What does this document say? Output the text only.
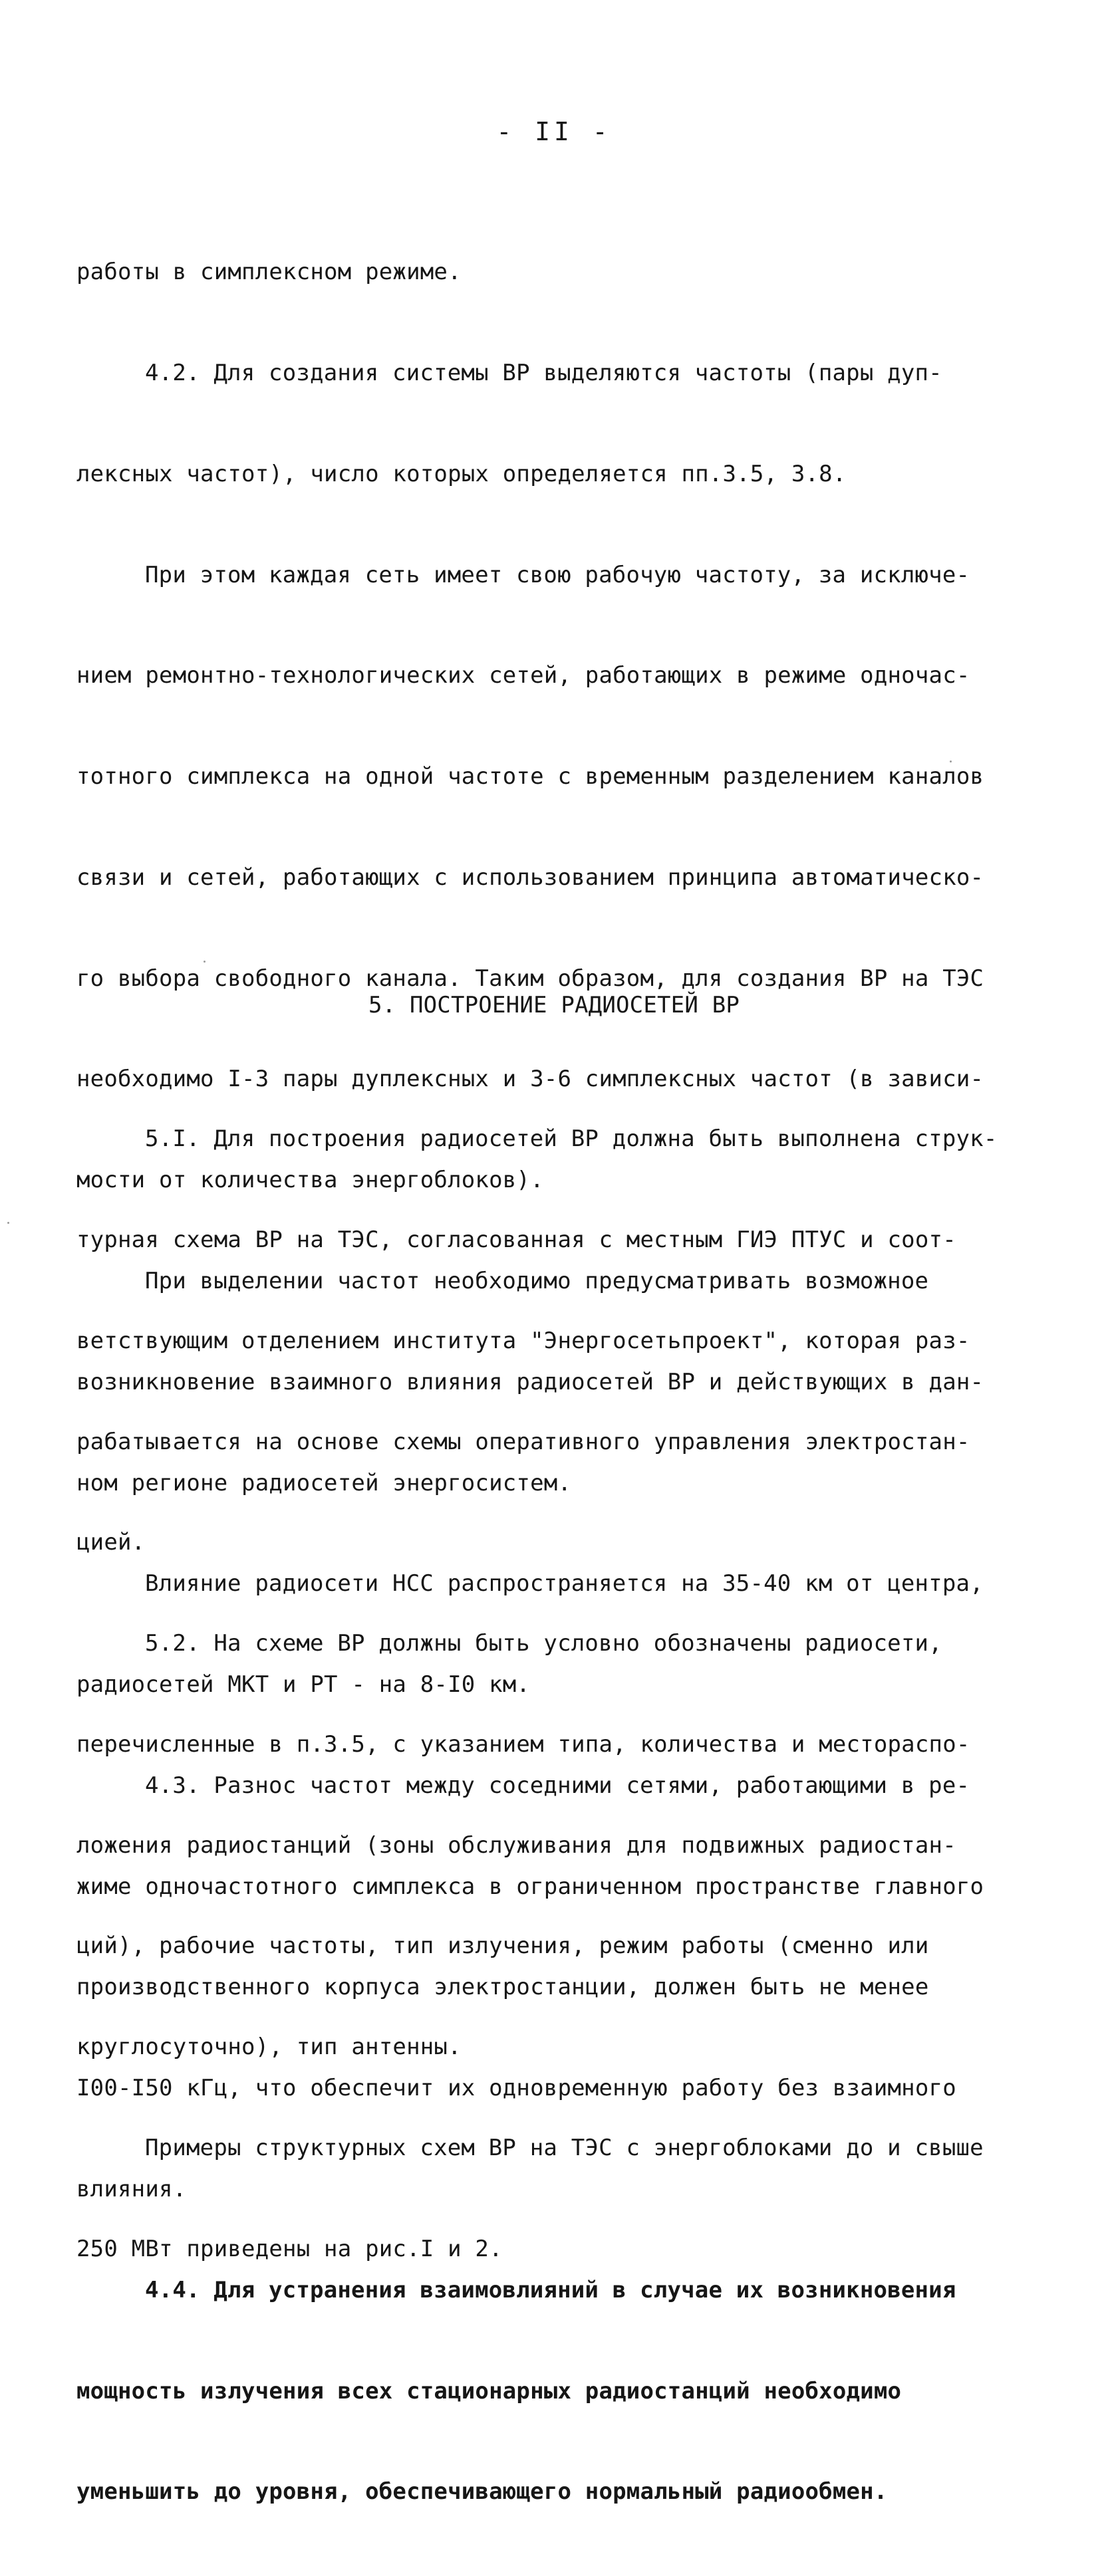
- II -

работы в симплексном режиме.

4.2. Для создания системы ВР выделяются частоты (пары дуп-

лексных частот), число которых определяется пп.3.5, 3.8.

При этом каждая сеть имеет свою рабочую частоту, за исключе-

нием ремонтно-технологических сетей, работающих в режиме одночас-

тотного симплекса на одной частоте с временным разделением каналов

связи и сетей, работающих с использованием принципа автоматическо-

го выбора свободного канала. Таким образом, для создания ВР на ТЭС

необходимо I-3 пары дуплексных и 3-6 симплексных частот (в зависи-

мости от количества энергоблоков).

При выделении частот необходимо предусматривать возможное

возникновение взаимного влияния радиосетей ВР и действующих в дан-

ном регионе радиосетей энергосистем.

Влияние радиосети НСС распространяется на 35-40 км от центра,

радиосетей МКТ и РТ - на 8-I0 км.

4.3. Разнос частот между соседними сетями, работающими в ре-

жиме одночастотного симплекса в ограниченном пространстве главного

производственного корпуса электростанции, должен быть не менее

I00-I50 кГц, что обеспечит их одновременную работу без взаимного

влияния.

4.4. Для устранения взаимовлияний в случае их возникновения

мощность излучения всех стационарных радиостанций необходимо

уменьшить до уровня, обеспечивающего нормальный радиообмен.

5. ПОСТРОЕНИЕ РАДИОСЕТЕЙ ВР

5.I. Для построения радиосетей ВР должна быть выполнена струк-

турная схема ВР на ТЭС, согласованная с местным ГИЭ ПТУС и соот-

ветствующим отделением института "Энергосетьпроект", которая раз-

рабатывается на основе схемы оперативного управления электростан-

цией.

5.2. На схеме ВР должны быть условно обозначены радиосети,

перечисленные в п.3.5, с указанием типа, количества и местораспо-

ложения радиостанций (зоны обслуживания для подвижных радиостан-

ций), рабочие частоты, тип излучения, режим работы (сменно или

круглосуточно), тип антенны.

Примеры структурных схем ВР на ТЭС с энергоблоками до и свыше

250 МВт приведены на рис.I и 2.
